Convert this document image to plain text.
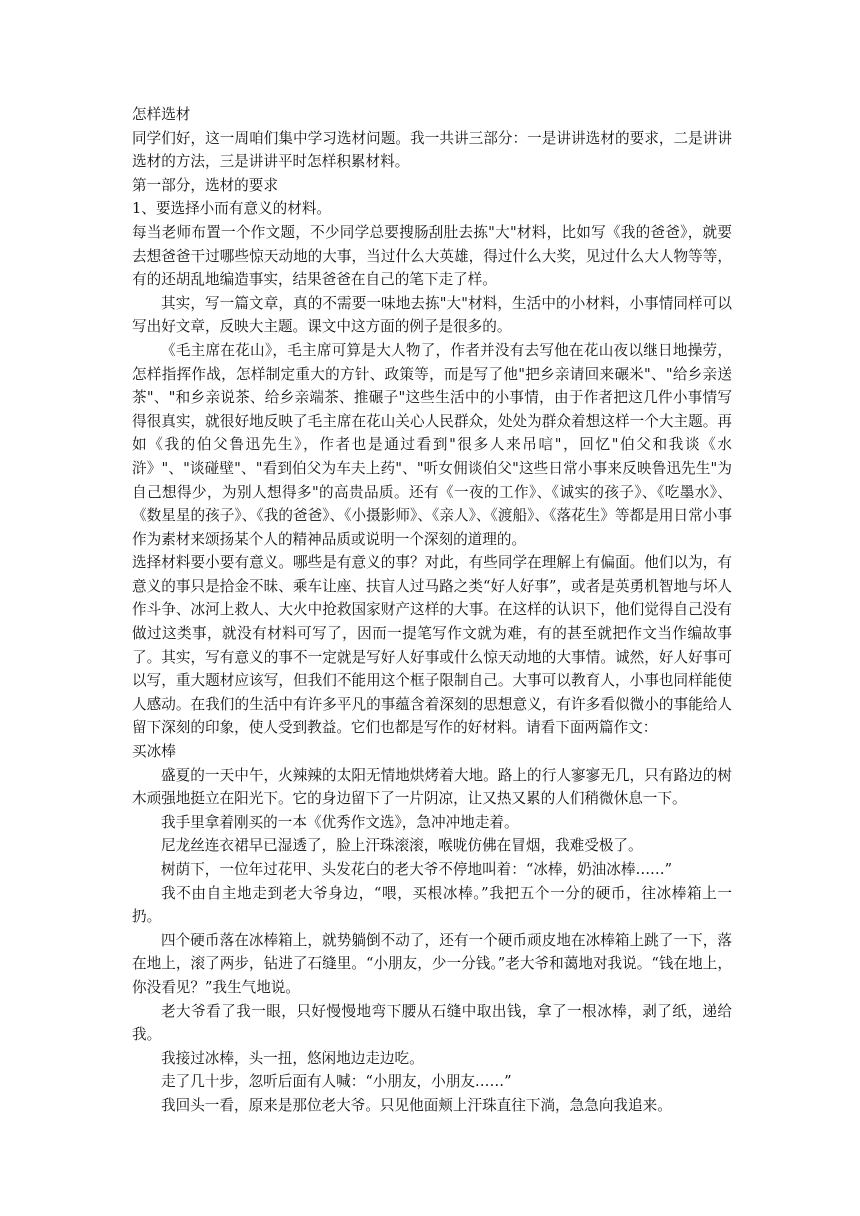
怎样选材

同学们好，这一周咱们集中学习选材问题。我一共讲三部分：一是讲讲选材的要求，二是讲讲选材的方法，三是讲讲平时怎样积累材料。

第一部分，选材的要求

1、要选择小而有意义的材料。

每当老师布置一个作文题，不少同学总要搜肠刮肚去拣"大"材料，比如写《我的爸爸》，就要去想爸爸干过哪些惊天动地的大事，当过什么大英雄，得过什么大奖，见过什么大人物等等，有的还胡乱地编造事实，结果爸爸在自己的笔下走了样。

其实，写一篇文章，真的不需要一味地去拣"大"材料，生活中的小材料，小事情同样可以写出好文章，反映大主题。课文中这方面的例子是很多的。

《毛主席在花山》，毛主席可算是大人物了，作者并没有去写他在花山夜以继日地操劳，怎样指挥作战，怎样制定重大的方针、政策等，而是写了他"把乡亲请回来碾米"、"给乡亲送茶"、"和乡亲说茶、给乡亲端茶、推碾子"这些生活中的小事情，由于作者把这几件小事情写得很真实，就很好地反映了毛主席在花山关心人民群众，处处为群众着想这样一个大主题。再如《我的伯父鲁迅先生》，作者也是通过看到"很多人来吊唁"，回忆"伯父和我谈《水浒》"、"谈碰壁"、"看到伯父为车夫上药"、"听女佣谈伯父"这些日常小事来反映鲁迅先生"为自己想得少，为别人想得多"的高贵品质。还有《一夜的工作》、《诚实的孩子》、《吃墨水》、《数星星的孩子》、《我的爸爸》、《小摄影师》、《亲人》、《渡船》、《落花生》等都是用日常小事作为素材来颂扬某个人的精神品质或说明一个深刻的道理的。

选择材料要小要有意义。哪些是有意义的事？对此，有些同学在理解上有偏面。他们以为，有意义的事只是拾金不昧、乘车让座、扶盲人过马路之类“好人好事”，或者是英勇机智地与坏人作斗争、冰河上救人、大火中抢救国家财产这样的大事。在这样的认识下，他们觉得自己没有做过这类事，就没有材料可写了，因而一提笔写作文就为难，有的甚至就把作文当作编故事了。其实，写有意义的事不一定就是写好人好事或什么惊天动地的大事情。诚然，好人好事可以写，重大题材应该写，但我们不能用这个框子限制自己。大事可以教育人，小事也同样能使人感动。在我们的生活中有许多平凡的事蕴含着深刻的思想意义，有许多看似微小的事能给人留下深刻的印象，使人受到教益。它们也都是写作的好材料。请看下面两篇作文：

买冰棒

盛夏的一天中午，火辣辣的太阳无情地烘烤着大地。路上的行人寥寥无几，只有路边的树木顽强地挺立在阳光下。它的身边留下了一片阴凉，让又热又累的人们稍微休息一下。

我手里拿着刚买的一本《优秀作文选》，急冲冲地走着。

尼龙丝连衣裙早已湿透了，脸上汗珠滚滚，喉咙仿佛在冒烟，我难受极了。

树荫下，一位年过花甲、头发花白的老大爷不停地叫着：“冰棒，奶油冰棒……”

我不由自主地走到老大爷身边，“喂，买根冰棒。”我把五个一分的硬币，往冰棒箱上一扔。

四个硬币落在冰棒箱上，就势躺倒不动了，还有一个硬币顽皮地在冰棒箱上跳了一下，落在地上，滚了两步，钻进了石缝里。“小朋友，少一分钱。”老大爷和蔼地对我说。“钱在地上，你没看见？”我生气地说。

老大爷看了我一眼，只好慢慢地弯下腰从石缝中取出钱，拿了一根冰棒，剥了纸，递给我。

我接过冰棒，头一扭，悠闲地边走边吃。

走了几十步，忽听后面有人喊：“小朋友，小朋友……”

我回头一看，原来是那位老大爷。只见他面颊上汗珠直往下淌，急急向我追来。
